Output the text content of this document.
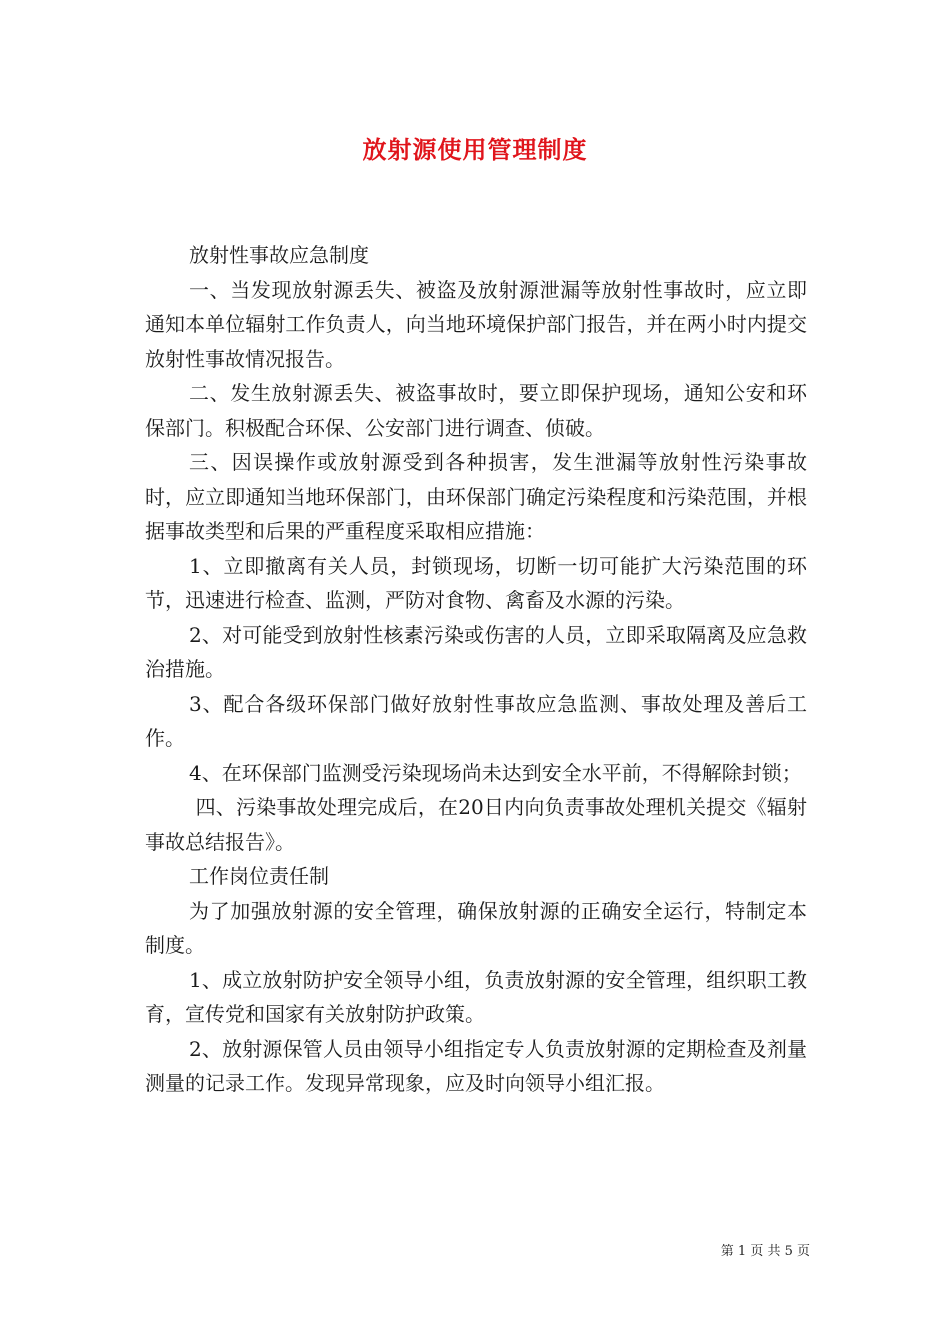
放射源使用管理制度

放射性事故应急制度

一、当发现放射源丢失、被盗及放射源泄漏等放射性事故时，应立即通知本单位辐射工作负责人，向当地环境保护部门报告，并在两小时内提交放射性事故情况报告。

二、发生放射源丢失、被盗事故时，要立即保护现场，通知公安和环保部门。积极配合环保、公安部门进行调查、侦破。

三、因误操作或放射源受到各种损害，发生泄漏等放射性污染事故时，应立即通知当地环保部门，由环保部门确定污染程度和污染范围，并根据事故类型和后果的严重程度采取相应措施：

1、立即撤离有关人员，封锁现场，切断一切可能扩大污染范围的环节，迅速进行检查、监测，严防对食物、禽畜及水源的污染。

2、对可能受到放射性核素污染或伤害的人员，立即采取隔离及应急救治措施。

3、配合各级环保部门做好放射性事故应急监测、事故处理及善后工作。

4、在环保部门监测受污染现场尚未达到安全水平前，不得解除封锁；

四、污染事故处理完成后，在20日内向负责事故处理机关提交《辐射事故总结报告》。

工作岗位责任制

为了加强放射源的安全管理，确保放射源的正确安全运行，特制定本制度。

1、成立放射防护安全领导小组，负责放射源的安全管理，组织职工教育，宣传党和国家有关放射防护政策。

2、放射源保管人员由领导小组指定专人负责放射源的定期检查及剂量测量的记录工作。发现异常现象，应及时向领导小组汇报。

第 1 页 共 5 页
